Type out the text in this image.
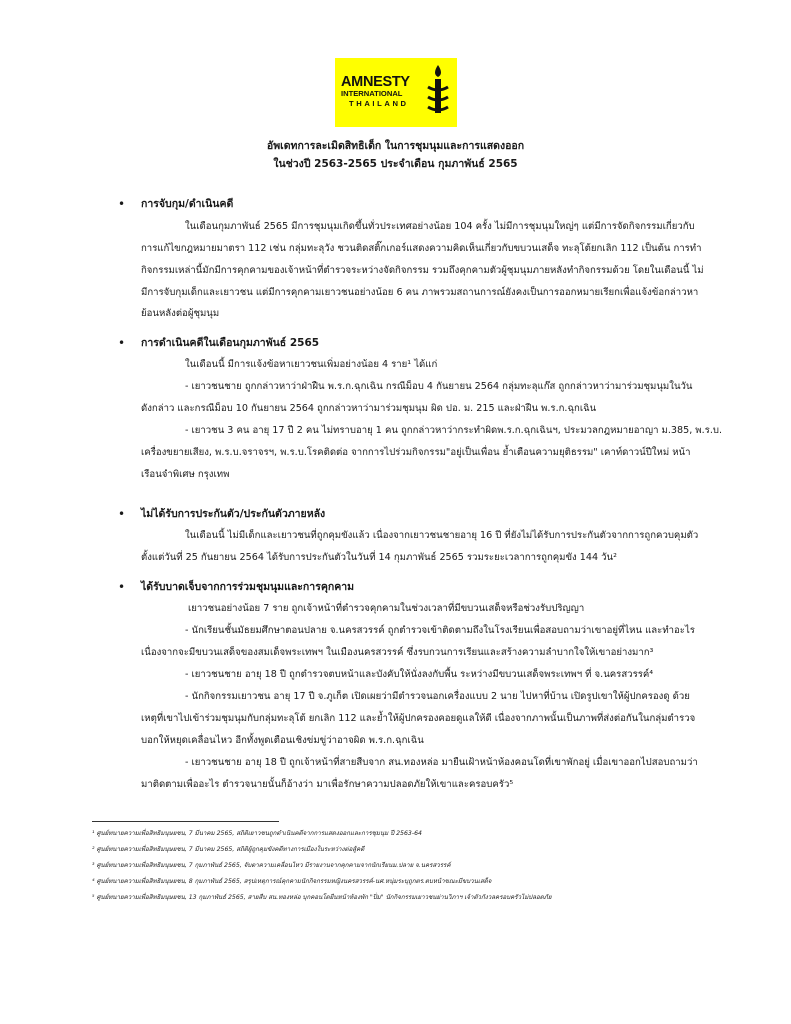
AMNESTY
INTERNATIONAL
THAILAND
อัพเดทการละเมิดสิทธิเด็ก ในการชุมนุมและการแสดงออก
ในช่วงปี 2563-2565 ประจำเดือน กุมภาพันธ์ 2565
• การจับกุม/ดำเนินคดี
ในเดือนกุมภาพันธ์ 2565 มีการชุมนุมเกิดขึ้นทั่วประเทศอย่างน้อย 104 ครั้ง ไม่มีการชุมนุมใหญ่ๆ แต่มีการจัดกิจกรรมเกี่ยวกับ
การแก้ไขกฎหมายมาตรา 112 เช่น กลุ่มทะลุวัง ชวนติดสติ๊กเกอร์แสดงความคิดเห็นเกี่ยวกับขบวนเสด็จ ทะลุโต้ยกเลิก 112 เป็นต้น การทำ
กิจกรรมเหล่านี้มักมีการคุกคามของเจ้าหน้าที่ตำรวจระหว่างจัดกิจกรรม รวมถึงคุกคามตัวผู้ชุมนุมภายหลังทำกิจกรรมด้วย โดยในเดือนนี้ ไม่
มีการจับกุมเด็กและเยาวชน แต่มีการคุกคามเยาวชนอย่างน้อย 6 คน ภาพรวมสถานการณ์ยังคงเป็นการออกหมายเรียกเพื่อแจ้งข้อกล่าวหา
ย้อนหลังต่อผู้ชุมนุม
• การดำเนินคดีในเดือนกุมภาพันธ์ 2565
ในเดือนนี้ มีการแจ้งข้อหาเยาวชนเพิ่มอย่างน้อย 4 ราย¹ ได้แก่
- เยาวชนชาย ถูกกล่าวหาว่าฝ่าฝืน พ.ร.ก.ฉุกเฉิน กรณีม็อบ 4 กันยายน 2564 กลุ่มทะลุแก๊ส ถูกกล่าวหาว่ามาร่วมชุมนุมในวัน
ดังกล่าว และกรณีม็อบ 10 กันยายน 2564 ถูกกล่าวหาว่ามาร่วมชุมนุม ผิด ปอ. ม. 215 และฝ่าฝืน พ.ร.ก.ฉุกเฉิน
- เยาวชน 3 คน อายุ 17 ปี 2 คน ไม่ทราบอายุ 1 คน ถูกกล่าวหาว่ากระทำผิดพ.ร.ก.ฉุกเฉินฯ, ประมวลกฎหมายอาญา ม.385, พ.ร.บ.
เครื่องขยายเสียง, พ.ร.บ.จราจรฯ, พ.ร.บ.โรคติดต่อ จากการไปร่วมกิจกรรม"อยู่เป็นเพื่อน ย้ำเตือนความยุติธรรม" เคาท์ดาวน์ปีใหม่ หน้า
เรือนจำพิเศษ กรุงเทพ
• ไม่ได้รับการประกันตัว/ประกันตัวภายหลัง
ในเดือนนี้ ไม่มีเด็กและเยาวชนที่ถูกคุมขังแล้ว เนื่องจากเยาวชนชายอายุ 16 ปี ที่ยังไม่ได้รับการประกันตัวจากการถูกควบคุมตัว
ตั้งแต่วันที่ 25 กันยายน 2564 ได้รับการประกันตัวในวันที่ 14 กุมภาพันธ์ 2565 รวมระยะเวลาการถูกคุมขัง 144 วัน²
• ได้รับบาดเจ็บจากการร่วมชุมนุมและการคุกคาม
เยาวชนอย่างน้อย 7 ราย ถูกเจ้าหน้าที่ตำรวจคุกคามในช่วงเวลาที่มีขบวนเสด็จหรือช่วงรับปริญญา
- นักเรียนชั้นมัธยมศึกษาตอนปลาย จ.นครสวรรค์ ถูกตำรวจเข้าติดตามถึงในโรงเรียนเพื่อสอบถามว่าเขาอยู่ที่ไหน และทำอะไร
เนื่องจากจะมีขบวนเสด็จของสมเด็จพระเทพฯ ในเมืองนครสวรรค์ ซึ่งรบกวนการเรียนและสร้างความลำบากใจให้เขาอย่างมาก³
- เยาวชนชาย อายุ 18 ปี ถูกตำรวจตบหน้าและบังคับให้นั่งลงกับพื้น ระหว่างมีขบวนเสด็จพระเทพฯ ที่ จ.นครสวรรค์⁴
- นักกิจกรรมเยาวชน อายุ 17 ปี จ.ภูเก็ต เปิดเผยว่ามีตำรวจนอกเครื่องแบบ 2 นาย ไปหาที่บ้าน เปิดรูปเขาให้ผู้ปกครองดู ด้วย
เหตุที่เขาไปเข้าร่วมชุมนุมกับกลุ่มทะลุโต้ ยกเลิก 112 และย้ำให้ผู้ปกครองคอยดูแลให้ดี เนื่องจากภาพนั้นเป็นภาพที่ส่งต่อกันในกลุ่มตำรวจ
บอกให้หยุดเคลื่อนไหว อีกทั้งพูดเตือนเชิงข่มขู่ว่าอาจผิด พ.ร.ก.ฉุกเฉิน
- เยาวชนชาย อายุ 18 ปี ถูกเจ้าหน้าที่สายสืบจาก สน.ทองหล่อ มายืนเฝ้าหน้าห้องคอนโดที่เขาพักอยู่ เมื่อเขาออกไปสอบถามว่า
มาติดตามเพื่ออะไร ตำรวจนายนั้นก็อ้างว่า มาเพื่อรักษาความปลอดภัยให้เขาและครอบครัว⁵
¹ ศูนย์ทนายความเพื่อสิทธิมนุษยชน, 7 มีนาคม 2565, สถิติเยาวชนถูกดำเนินคดีจากการแสดงออกและการชุมนุม ปี 2563-64
² ศูนย์ทนายความเพื่อสิทธิมนุษยชน, 7 มีนาคม 2565, สถิติผู้ถูกคุมขังคดีทางการเมืองในระหว่างต่อสู้คดี
³ ศูนย์ทนายความเพื่อสิทธิมนุษยชน, 7 กุมภาพันธ์ 2565, จับตาความเคลื่อนไหว มีรายงานจากคุกคามจากนักเรียนม.ปลาย จ.นครสวรรค์
⁴ ศูนย์ทนายความเพื่อสิทธิมนุษยชน, 8 กุมภาพันธ์ 2565, สรุปเหตุการณ์คุกคามนักกิจกรรมหญิงนครสวรรค์-นศ.หนุ่มระบุถูกตร.ตบหน้าขณะมีขบวนเสด็จ
⁵ ศูนย์ทนายความเพื่อสิทธิมนุษยชน, 13 กุมภาพันธ์ 2565, สายสืบ สน.ทองหล่อ บุกคอนโดยืนหน้าห้องพัก "ปิ่ม" นักกิจกรรมเยาวชนย่านวิภาฯ เจ้าตัวกังวลครอบครัวไม่ปลอดภัย
